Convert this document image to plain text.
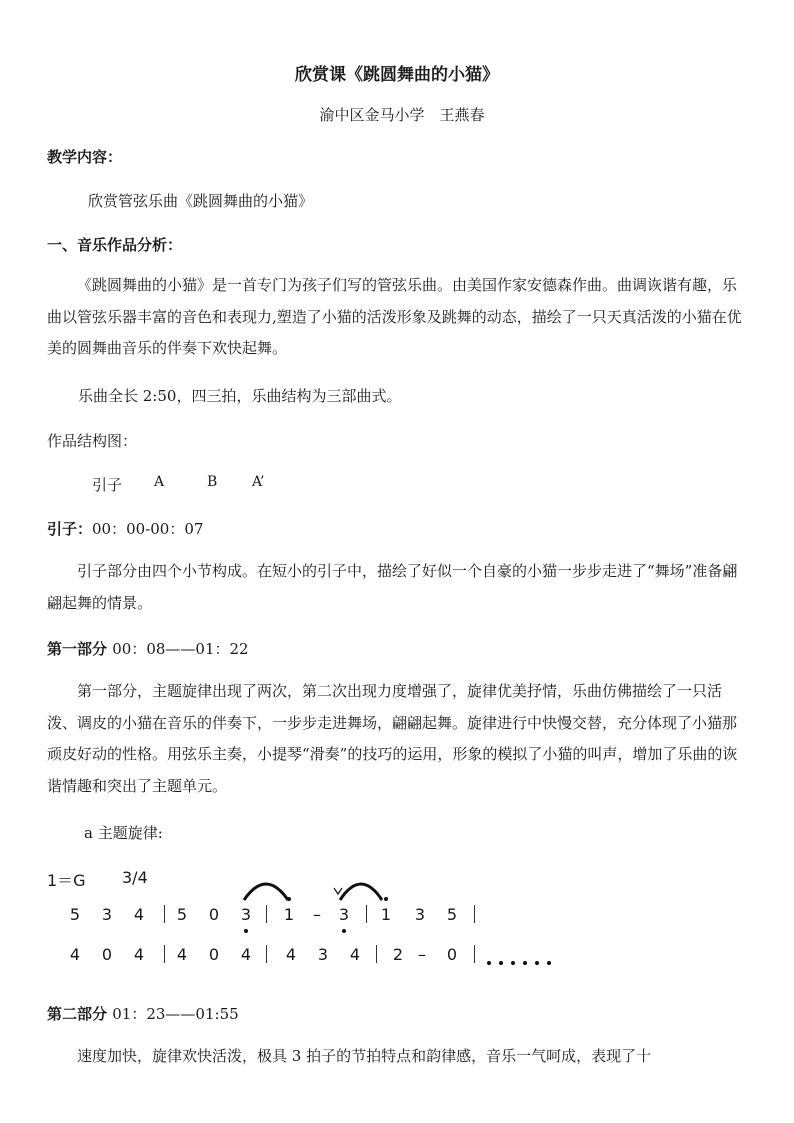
欣赏课《跳圆舞曲的小猫》
渝中区金马小学　王燕春
教学内容：
欣赏管弦乐曲《跳圆舞曲的小猫》
一、音乐作品分析：
《跳圆舞曲的小猫》是一首专门为孩子们写的管弦乐曲。由美国作家安德森作曲。曲调诙谐有趣，乐曲以管弦乐器丰富的音色和表现力,塑造了小猫的活泼形象及跳舞的动态，描绘了一只天真活泼的小猫在优美的圆舞曲音乐的伴奏下欢快起舞。
乐曲全长 2:50，四三拍，乐曲结构为三部曲式。
作品结构图：
引子 A	B A’
引子：00：00-00：07
引子部分由四个小节构成。在短小的引子中，描绘了好似一个自豪的小猫一步步走进了“舞场”准备翩翩起舞的情景。
第一部分 00：08——01：22
第一部分，主题旋律出现了两次，第二次出现力度增强了，旋律优美抒情，乐曲仿佛描绘了一只活泼、调皮的小猫在音乐的伴奏下，一步步走进舞场，翩翩起舞。旋律进行中快慢交替，充分体现了小猫那顽皮好动的性格。用弦乐主奏，小提琴“滑奏”的技巧的运用，形象的模拟了小猫的叫声，增加了乐曲的诙谐情趣和突出了主题单元。
a 主题旋律:
1＝G 3/4
5 3 4 5 0 3 1 – 3 1 3 5
4 0 4 4 0 4 4 3 4 2 – 0
第二部分 01：23——01:55
速度加快，旋律欢快活泼，极具 3 拍子的节拍特点和韵律感，音乐一气呵成，表现了十
